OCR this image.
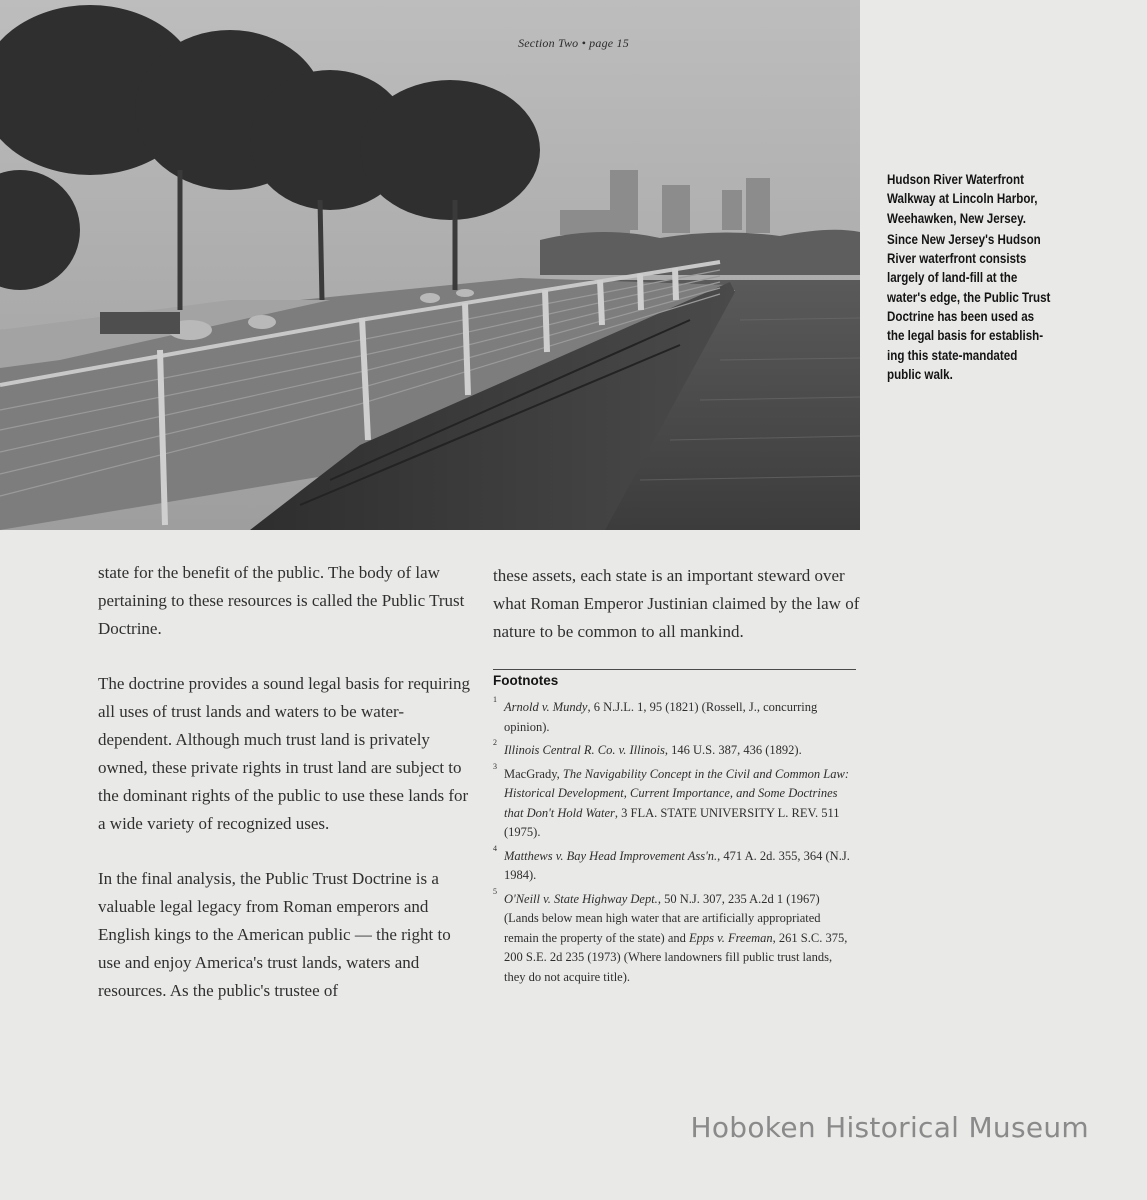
Section Two • page 15

Hudson River Waterfront Walkway at Lincoln Harbor, Weehawken, New Jersey.

Since New Jersey's Hudson River waterfront consists largely of land-fill at the water's edge, the Public Trust Doctrine has been used as the legal basis for establish-ing this state-mandated public walk.

state for the benefit of the public. The body of law pertaining to these resources is called the Public Trust Doctrine.

The doctrine provides a sound legal basis for requiring all uses of trust lands and waters to be water-dependent. Although much trust land is privately owned, these private rights in trust land are subject to the dominant rights of the public to use these lands for a wide variety of recognized uses.

In the final analysis, the Public Trust Doctrine is a valuable legal legacy from Roman emperors and English kings to the American public — the right to use and enjoy America's trust lands, waters and resources. As the public's trustee of

these assets, each state is an important steward over what Roman Emperor Justinian claimed by the law of nature to be common to all mankind.

Footnotes

1
Arnold v. Mundy, 6 N.J.L. 1, 95 (1821) (Rossell, J., concurring opinion).

2
Illinois Central R. Co. v. Illinois, 146 U.S. 387, 436 (1892).

3
MacGrady, The Navigability Concept in the Civil and Common Law: Historical Development, Current Importance, and Some Doctrines that Don't Hold Water, 3 FLA. STATE UNIVERSITY L. REV. 511 (1975).

4
Matthews v. Bay Head Improvement Ass'n., 471 A. 2d. 355, 364 (N.J. 1984).

5
O'Neill v. State Highway Dept., 50 N.J. 307, 235 A.2d 1 (1967) (Lands below mean high water that are artificially appropriated remain the property of the state) and Epps v. Freeman, 261 S.C. 375, 200 S.E. 2d 235 (1973) (Where landowners fill public trust lands, they do not acquire title).

Hoboken Historical Museum
